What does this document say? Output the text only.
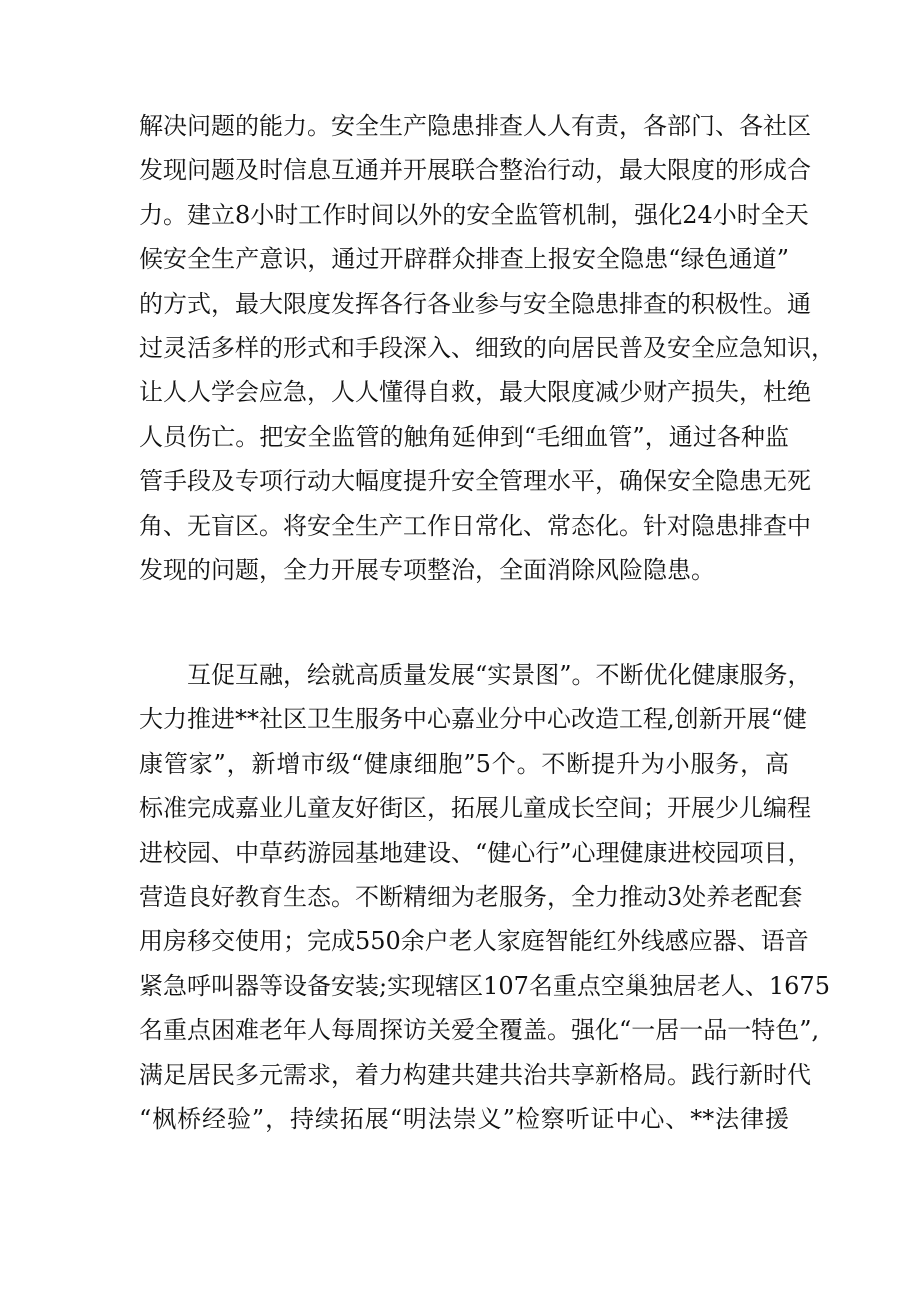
解决问题的能力。安全生产隐患排查人人有责，各部门、各社区
发现问题及时信息互通并开展联合整治行动，最大限度的形成合
力。建立8小时工作时间以外的安全监管机制，强化24小时全天
候安全生产意识，通过开辟群众排查上报安全隐患“绿色通道”
的方式，最大限度发挥各行各业参与安全隐患排查的积极性。通
过灵活多样的形式和手段深入、细致的向居民普及安全应急知识，
让人人学会应急，人人懂得自救，最大限度减少财产损失，杜绝
人员伤亡。把安全监管的触角延伸到“毛细血管”，通过各种监
管手段及专项行动大幅度提升安全管理水平，确保安全隐患无死
角、无盲区。将安全生产工作日常化、常态化。针对隐患排查中
发现的问题，全力开展专项整治，全面消除风险隐患。
互促互融，绘就高质量发展“实景图”。不断优化健康服务，
大力推进**社区卫生服务中心嘉业分中心改造工程,创新开展“健
康管家”，新增市级“健康细胞”5个。不断提升为小服务，高
标准完成嘉业儿童友好街区，拓展儿童成长空间；开展少儿编程
进校园、中草药游园基地建设、“健心行”心理健康进校园项目，
营造良好教育生态。不断精细为老服务，全力推动3处养老配套
用房移交使用；完成550余户老人家庭智能红外线感应器、语音
紧急呼叫器等设备安装;实现辖区107名重点空巢独居老人、1675
名重点困难老年人每周探访关爱全覆盖。强化“一居一品一特色”,
满足居民多元需求，着力构建共建共治共享新格局。践行新时代
“枫桥经验”，持续拓展“明法崇义”检察听证中心、**法律援
